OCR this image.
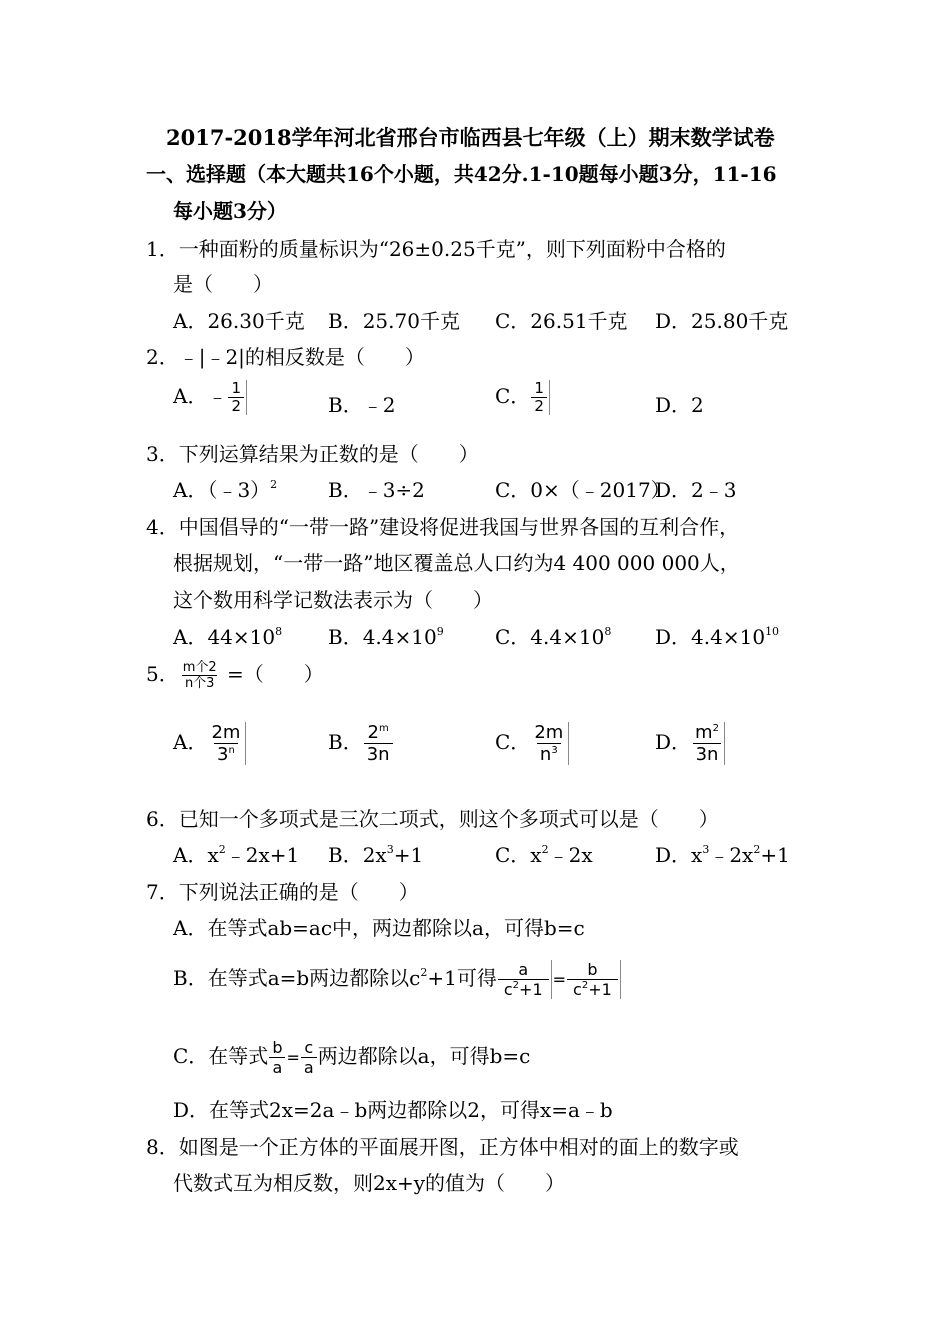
2017-2018学年河北省邢台市临西县七年级（上）期末数学试卷
一、选择题（本大题共16个小题，共42分.1-10题每小题3分，11-16
每小题3分）
1．一种面粉的质量标识为“26±0.25千克”，则下列面粉中合格的
是（　　）
A．26.30千克 B．25.70千克 C．26.51千克 D．25.80千克
2．﹣|﹣2|的相反数是（　　）
A．﹣ $\frac{1}{2}$	B．﹣2	C． $\frac{1}{2}$	D．2
3．下列运算结果为正数的是（　　）
A．（﹣3）$^2$	B．﹣3÷2	C．0×（﹣2017）
D．2﹣3
4．中国倡导的“一带一路”建设将促进我国与世界各国的互利合作，
根据规划，“一带一路”地区覆盖总人口约为4 400 000 000人，
这个数用科学记数法表示为（　　）
A．$44\times 10^8$ B．$4.4\times 10^9$	C．$4.4\times 10^8$ D．$4.4\times 10^{10}$
5． $\frac{\text{m个2}}{\text{n个3}}$ =（　　）
A． $\frac{2m}{3^n}$	B． $\frac{2^m}{3n}$	C． $\frac{2m}{n^3}$	D． $\frac{m^2}{3n}$
6．已知一个多项式是三次二项式，则这个多项式可以是（　　）
A．$x^2﹣2x+1$ B．$2x^3+1$	C．$x^2﹣2x$	D．$x^3﹣2x^2+1$
7．下列说法正确的是（　　）
A．在等式ab=ac中，两边都除以a，可得b=c
B．在等式a=b两边都除以$c^2+1$可得 $\frac{a}{c^2+1} = \frac{b}{c^2+1}$
C．在等式 $\frac{b}{a} = \frac{c}{a}$ 两边都除以a，可得b=c
D．在等式2x=2a﹣b两边都除以2，可得x=a﹣b
8．如图是一个正方体的平面展开图，正方体中相对的面上的数字或
代数式互为相反数，则2x+y的值为（　　）
